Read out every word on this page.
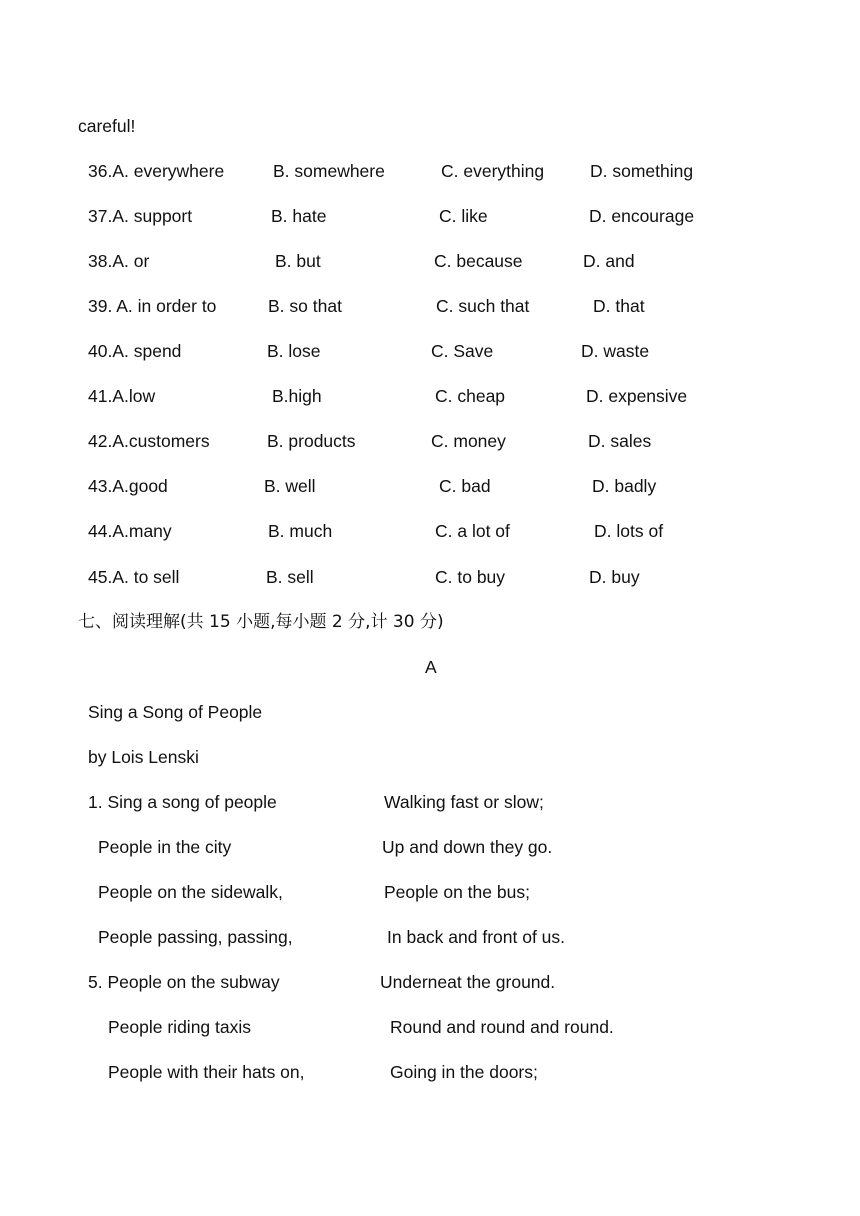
careful!
36.A. everywhere	B. somewhere	C. everything	D. something
37.A. support	B. hate	C. like	D. encourage
38.A. or	B. but	C. because	D. and
39. A. in order to	B. so that	C. such that	D. that
40.A. spend	B. lose	C. Save	D. waste
41.A.low	B.high	C. cheap	D. expensive
42.A.customers	B. products	C. money	D. sales
43.A.good	B. well	C. bad	D. badly
44.A.many	B. much	C. a lot of	D. lots of
45.A. to sell	B. sell	C. to buy	D. buy
七、阅读理解(共 15 小题,每小题 2 分,计 30 分)
A
Sing a Song of People
by Lois Lenski
1. Sing a song of people	Walking fast or slow;
People in the city	Up and down they go.
People on the sidewalk,	People on the bus;
People passing, passing,	In back and front of us.
5. People on the subway	Underneat the ground.
People riding taxis	Round and round and round.
People with their hats on,	Going in the doors;
